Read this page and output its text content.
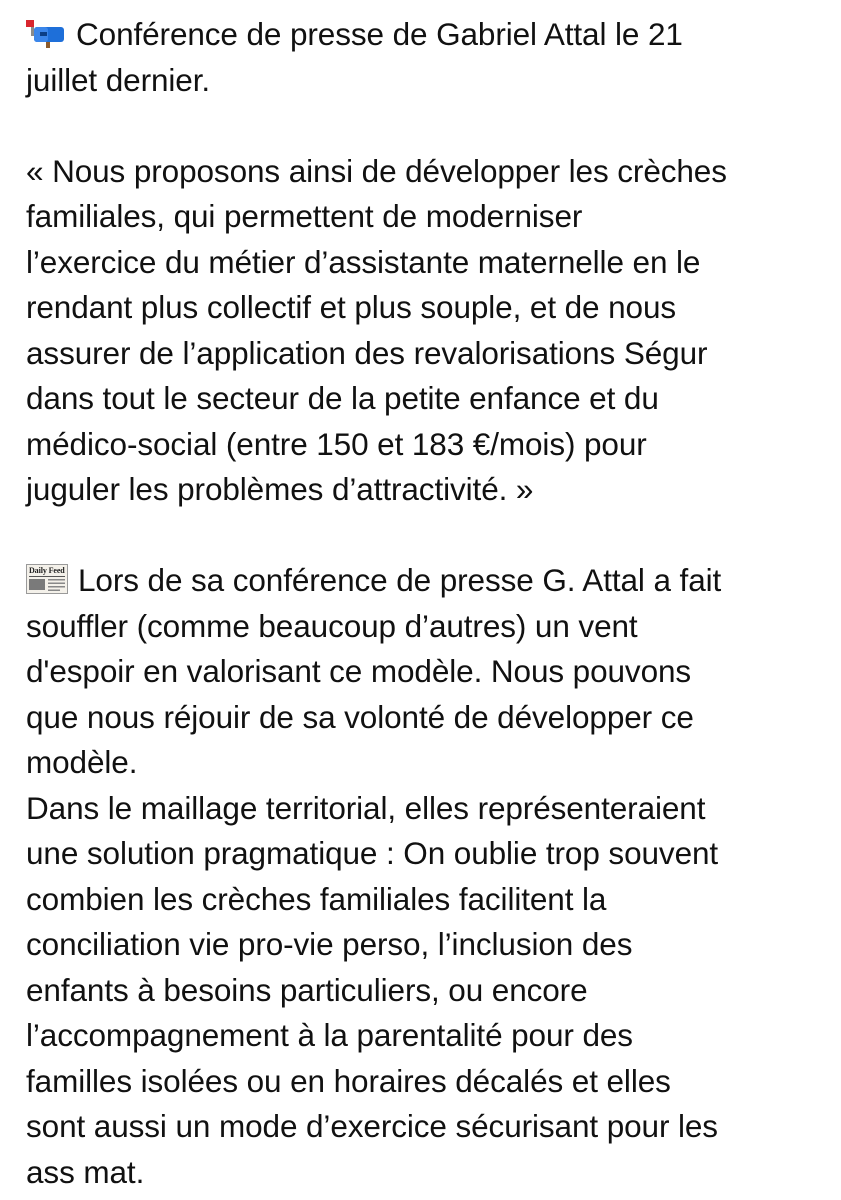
Conférence de presse de Gabriel Attal le 21
juillet dernier.
« Nous proposons ainsi de développer les crèches
familiales, qui permettent de moderniser
l’exercice du métier d’assistante maternelle en le
rendant plus collectif et plus souple, et de nous
assurer de l’application des revalorisations Ségur
dans tout le secteur de la petite enfance et du
médico-social (entre 150 et 183 €/mois) pour
juguler les problèmes d’attractivité. »
Daily Feed Lors de sa conférence de presse G. Attal a fait
souffler (comme beaucoup d’autres) un vent
d'espoir en valorisant ce modèle. Nous pouvons
que nous réjouir de sa volonté de développer ce
modèle.
Dans le maillage territorial, elles représenteraient
une solution pragmatique : On oublie trop souvent
combien les crèches familiales facilitent la
conciliation vie pro-vie perso, l’inclusion des
enfants à besoins particuliers, ou encore
l’accompagnement à la parentalité pour des
familles isolées ou en horaires décalés et elles
sont aussi un mode d’exercice sécurisant pour les
ass mat.
